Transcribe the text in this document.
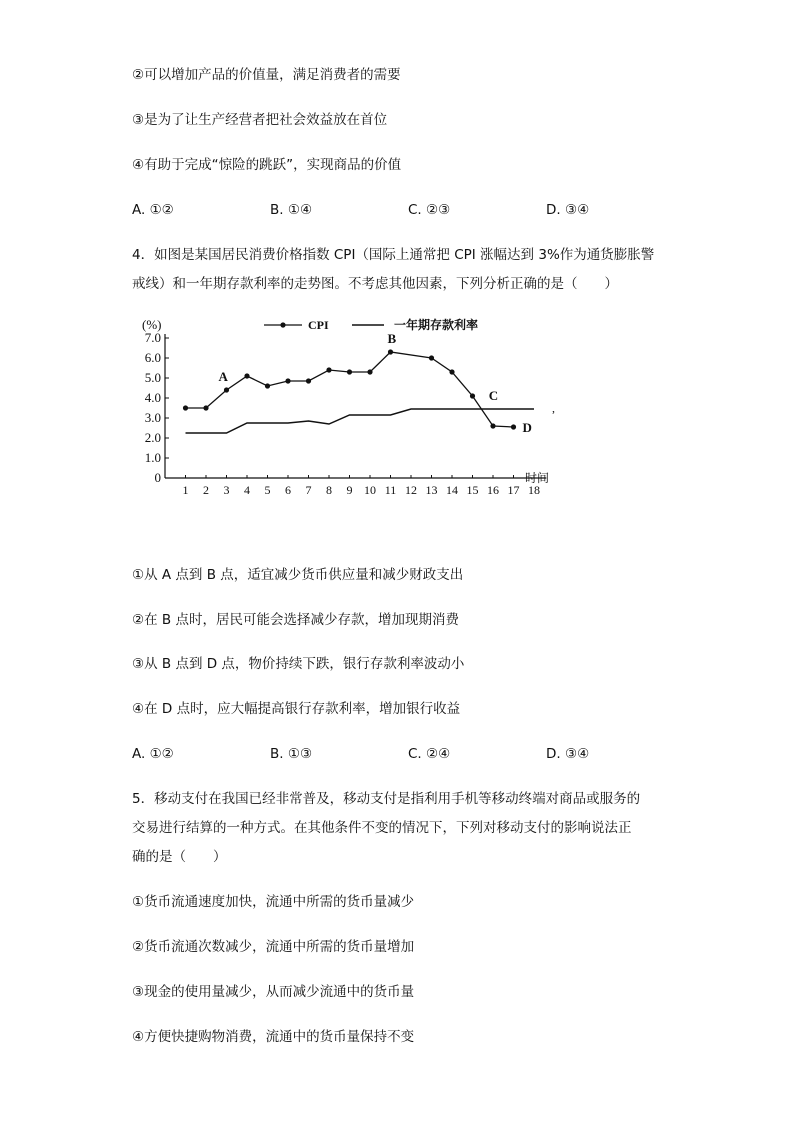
②可以增加产品的价值量，满足消费者的需要
③是为了让生产经营者把社会效益放在首位
④有助于完成“惊险的跳跃”，实现商品的价值
A. ①②	B. ①④	C. ②③	D. ③④
4．如图是某国居民消费价格指数 CPI（国际上通常把 CPI 涨幅达到 3%作为通货膨胀警
戒线）和一年期存款利率的走势图。不考虑其他因素，下列分析正确的是（　　）
(%)
时间
CPI	一年期存款利率
7.0
6.0
5.0
4.0
3.0
2.0
1.0
0
1 2 3 4 5 6 7 8 9 10 11 12 13 14 15 16 17 18
A
B
C
D
,
①从 A 点到 B 点，适宜减少货币供应量和减少财政支出
②在 B 点时，居民可能会选择减少存款，增加现期消费
③从 B 点到 D 点，物价持续下跌，银行存款利率波动小
④在 D 点时，应大幅提高银行存款利率，增加银行收益
A. ①②	B. ①③	C. ②④	D. ③④
5．移动支付在我国已经非常普及，移动支付是指利用手机等移动终端对商品或服务的
交易进行结算的一种方式。在其他条件不变的情况下，下列对移动支付的影响说法正
确的是（　　）
①货币流通速度加快，流通中所需的货币量减少
②货币流通次数减少，流通中所需的货币量增加
③现金的使用量减少，从而减少流通中的货币量
④方便快捷购物消费，流通中的货币量保持不变
